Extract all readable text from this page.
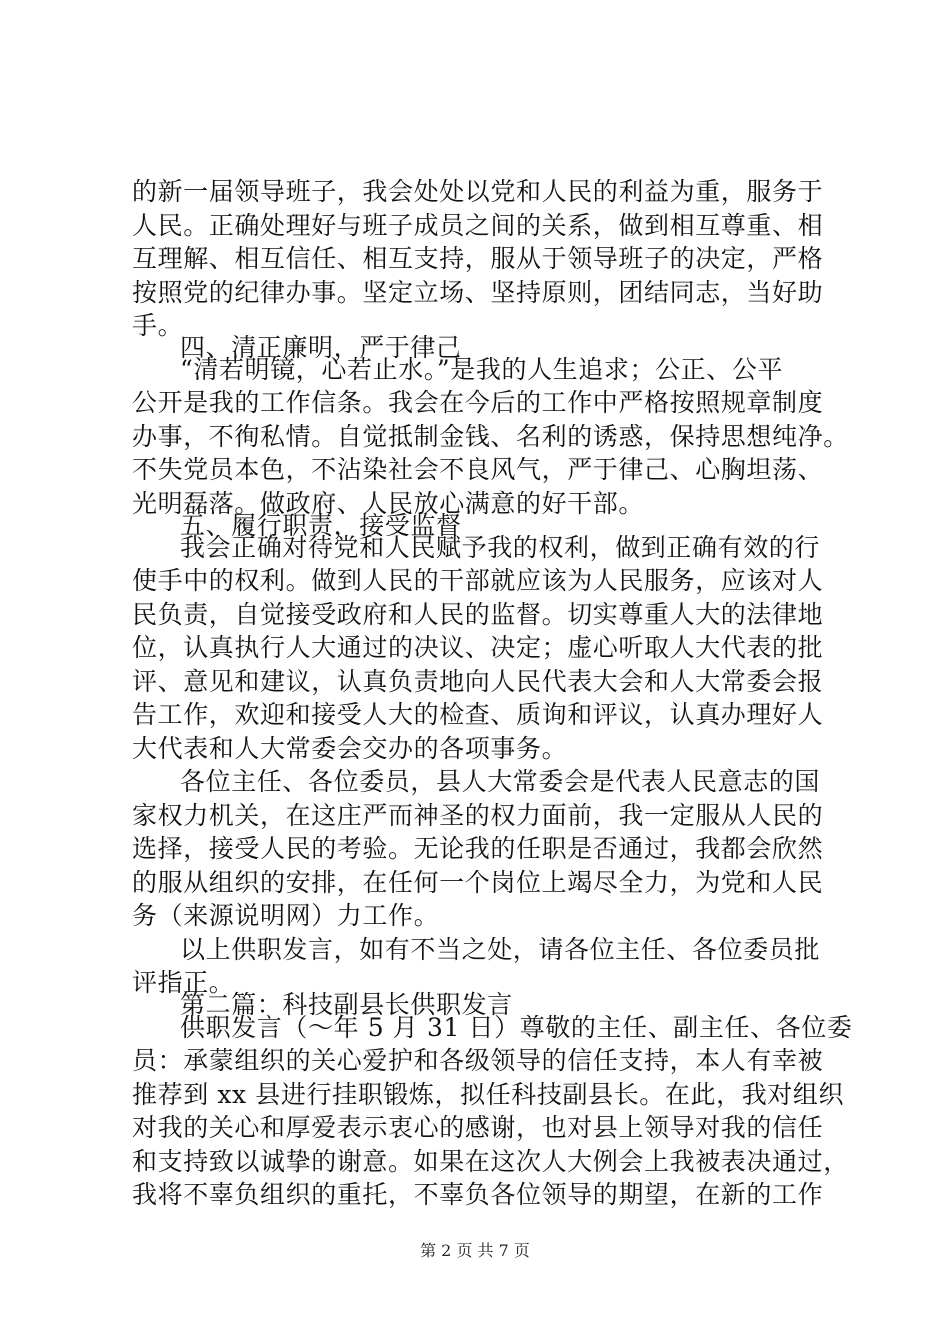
的新一届领导班子，我会处处以党和人民的利益为重，服务于
人民。正确处理好与班子成员之间的关系，做到相互尊重、相
互理解、相互信任、相互支持，服从于领导班子的决定，严格
按照党的纪律办事。坚定立场、坚持原则，团结同志，当好助
手。
四、清正廉明，严于律己
“清若明镜，心若止水。”是我的人生追求；公正、公平
公开是我的工作信条。我会在今后的工作中严格按照规章制度
办事，不徇私情。自觉抵制金钱、名利的诱惑，保持思想纯净。
不失党员本色，不沾染社会不良风气，严于律己、心胸坦荡、
光明磊落。做政府、人民放心满意的好干部。
五、履行职责，接受监督
我会正确对待党和人民赋予我的权利，做到正确有效的行
使手中的权利。做到人民的干部就应该为人民服务，应该对人
民负责，自觉接受政府和人民的监督。切实尊重人大的法律地
位，认真执行人大通过的决议、决定；虚心听取人大代表的批
评、意见和建议，认真负责地向人民代表大会和人大常委会报
告工作，欢迎和接受人大的检查、质询和评议，认真办理好人
大代表和人大常委会交办的各项事务。
各位主任、各位委员，县人大常委会是代表人民意志的国
家权力机关，在这庄严而神圣的权力面前，我一定服从人民的
选择，接受人民的考验。无论我的任职是否通过，我都会欣然
的服从组织的安排，在任何一个岗位上竭尽全力，为党和人民
务（来源说明网）力工作。
以上供职发言，如有不当之处，请各位主任、各位委员批
评指正。
第二篇：科技副县长供职发言
供职发言（～年 5 月 31 日）尊敬的主任、副主任、各位委
员：承蒙组织的关心爱护和各级领导的信任支持，本人有幸被
推荐到 xx 县进行挂职锻炼，拟任科技副县长。在此，我对组织
对我的关心和厚爱表示衷心的感谢，也对县上领导对我的信任
和支持致以诚挚的谢意。如果在这次人大例会上我被表决通过，
我将不辜负组织的重托，不辜负各位领导的期望，在新的工作
第 2 页 共 7 页
